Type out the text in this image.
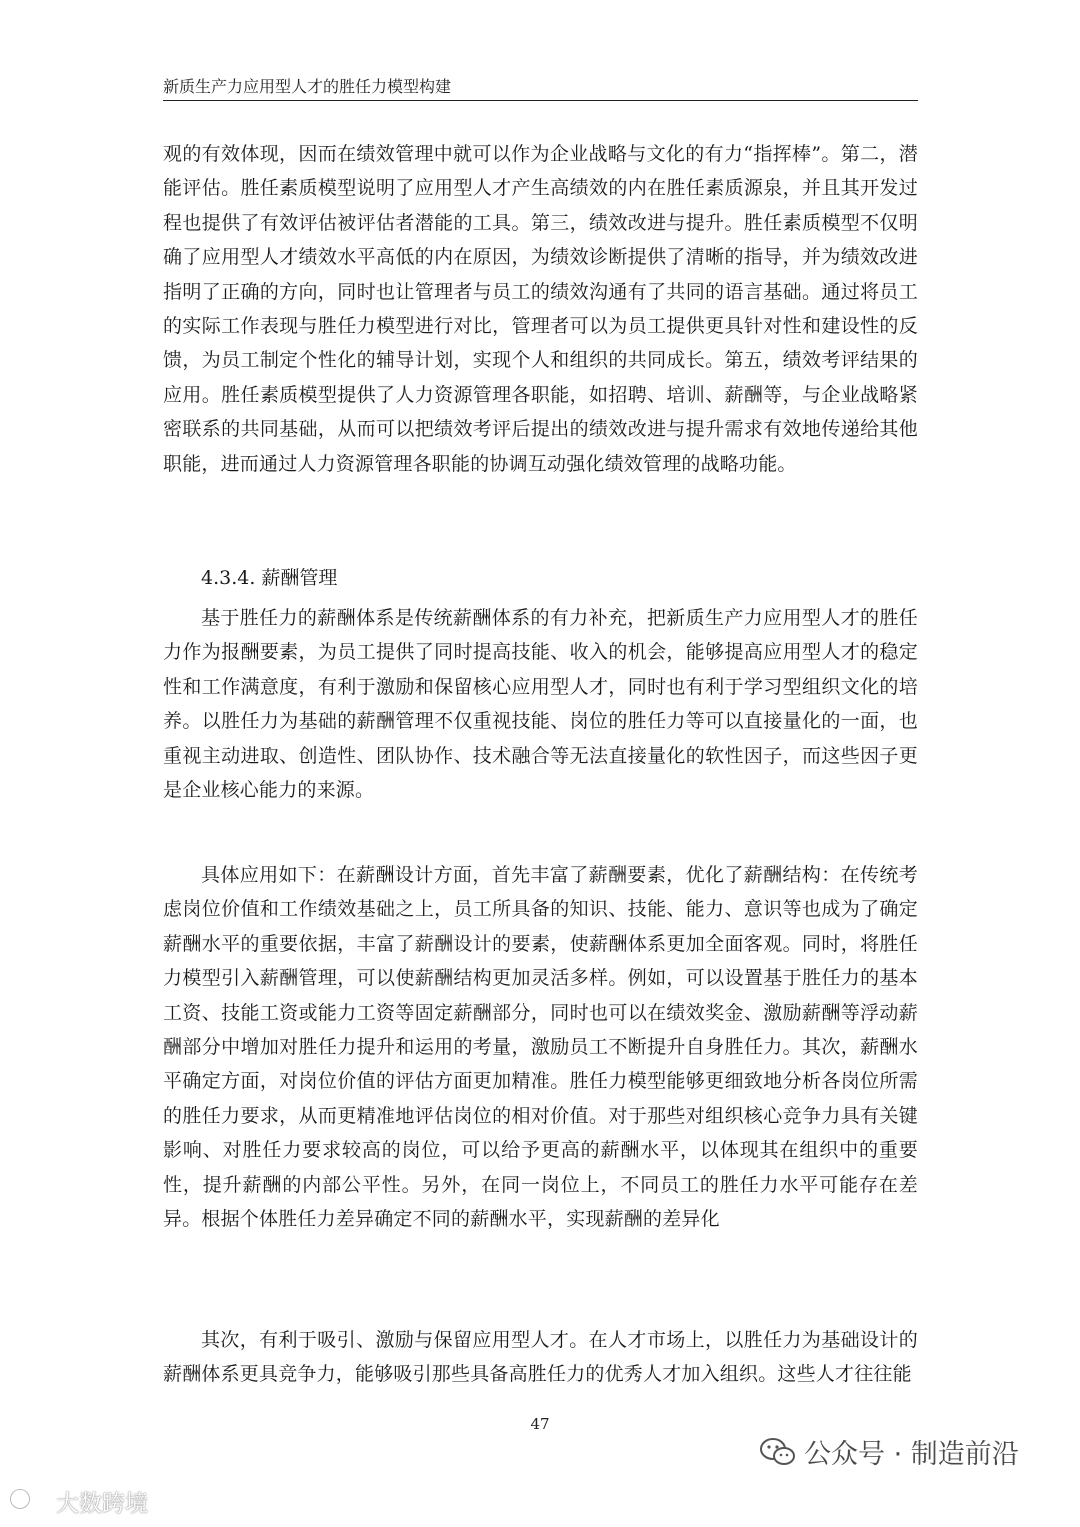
新质生产力应用型人才的胜任力模型构建

观的有效体现，因而在绩效管理中就可以作为企业战略与文化的有力“指挥棒”。第二，潜能评估。胜任素质模型说明了应用型人才产生高绩效的内在胜任素质源泉，并且其开发过程也提供了有效评估被评估者潜能的工具。第三，绩效改进与提升。胜任素质模型不仅明确了应用型人才绩效水平高低的内在原因，为绩效诊断提供了清晰的指导，并为绩效改进指明了正确的方向，同时也让管理者与员工的绩效沟通有了共同的语言基础。通过将员工的实际工作表现与胜任力模型进行对比，管理者可以为员工提供更具针对性和建设性的反馈，为员工制定个性化的辅导计划，实现个人和组织的共同成长。第五，绩效考评结果的应用。胜任素质模型提供了人力资源管理各职能，如招聘、培训、薪酬等，与企业战略紧密联系的共同基础，从而可以把绩效考评后提出的绩效改进与提升需求有效地传递给其他职能，进而通过人力资源管理各职能的协调互动强化绩效管理的战略功能。

4.3.4. 薪酬管理

基于胜任力的薪酬体系是传统薪酬体系的有力补充，把新质生产力应用型人才的胜任力作为报酬要素，为员工提供了同时提高技能、收入的机会，能够提高应用型人才的稳定性和工作满意度，有利于激励和保留核心应用型人才，同时也有利于学习型组织文化的培养。以胜任力为基础的薪酬管理不仅重视技能、岗位的胜任力等可以直接量化的一面，也重视主动进取、创造性、团队协作、技术融合等无法直接量化的软性因子，而这些因子更是企业核心能力的来源。

具体应用如下：在薪酬设计方面，首先丰富了薪酬要素，优化了薪酬结构：在传统考虑岗位价值和工作绩效基础之上，员工所具备的知识、技能、能力、意识等也成为了确定薪酬水平的重要依据，丰富了薪酬设计的要素，使薪酬体系更加全面客观。同时，将胜任力模型引入薪酬管理，可以使薪酬结构更加灵活多样。例如，可以设置基于胜任力的基本工资、技能工资或能力工资等固定薪酬部分，同时也可以在绩效奖金、激励薪酬等浮动薪酬部分中增加对胜任力提升和运用的考量，激励员工不断提升自身胜任力。其次，薪酬水平确定方面，对岗位价值的评估方面更加精准。胜任力模型能够更细致地分析各岗位所需的胜任力要求，从而更精准地评估岗位的相对价值。对于那些对组织核心竞争力具有关键影响、对胜任力要求较高的岗位，可以给予更高的薪酬水平，以体现其在组织中的重要性，提升薪酬的内部公平性。另外，在同一岗位上，不同员工的胜任力水平可能存在差异。根据个体胜任力差异确定不同的薪酬水平，实现薪酬的差异化

其次，有利于吸引、激励与保留应用型人才。在人才市场上，以胜任力为基础设计的薪酬体系更具竞争力，能够吸引那些具备高胜任力的优秀人才加入组织。这些人才往往能

47
公众号 · 制造前沿
大数跨境
